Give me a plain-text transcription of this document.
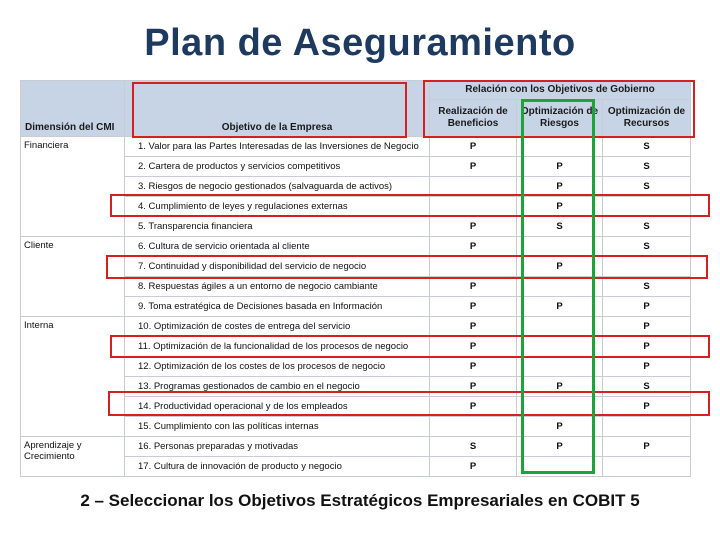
Plan de Aseguramiento
Dimensión del CMI	Objetivo de la Empresa	Relación con los Objetivos de Gobierno		
		Realización de Beneficios	Optimización de Riesgos	Optimización de Recursos
Financiera	1. Valor para las Partes Interesadas de las Inversiones de Negocio	P		S
	2. Cartera de productos y servicios competitivos	P	P	S
	3. Riesgos de negocio gestionados (salvaguarda de activos)		P	S
	4. Cumplimiento de leyes y regulaciones externas		P	
	5. Transparencia financiera	P	S	S
Cliente	6. Cultura de servicio orientada al cliente	P		S
	7. Continuidad y disponibilidad del servicio de negocio		P	
	8. Respuestas ágiles a un entorno de negocio cambiante	P		S
	9. Toma estratégica de Decisiones basada en Información	P	P	P
Interna	10. Optimización de costes de entrega del servicio	P		P
	11. Optimización de la funcionalidad de los procesos de negocio	P		P
	12. Optimización de los costes de los procesos de negocio	P		P
	13. Programas gestionados de cambio en el negocio	P	P	S
	14. Productividad operacional y de los empleados	P		P
	15. Cumplimiento con las políticas internas		P	
Aprendizaje y Crecimiento	16. Personas preparadas y motivadas	S	P	P
	17. Cultura de innovación de producto y negocio	P		
2 – Seleccionar los Objetivos Estratégicos Empresariales en COBIT 5
